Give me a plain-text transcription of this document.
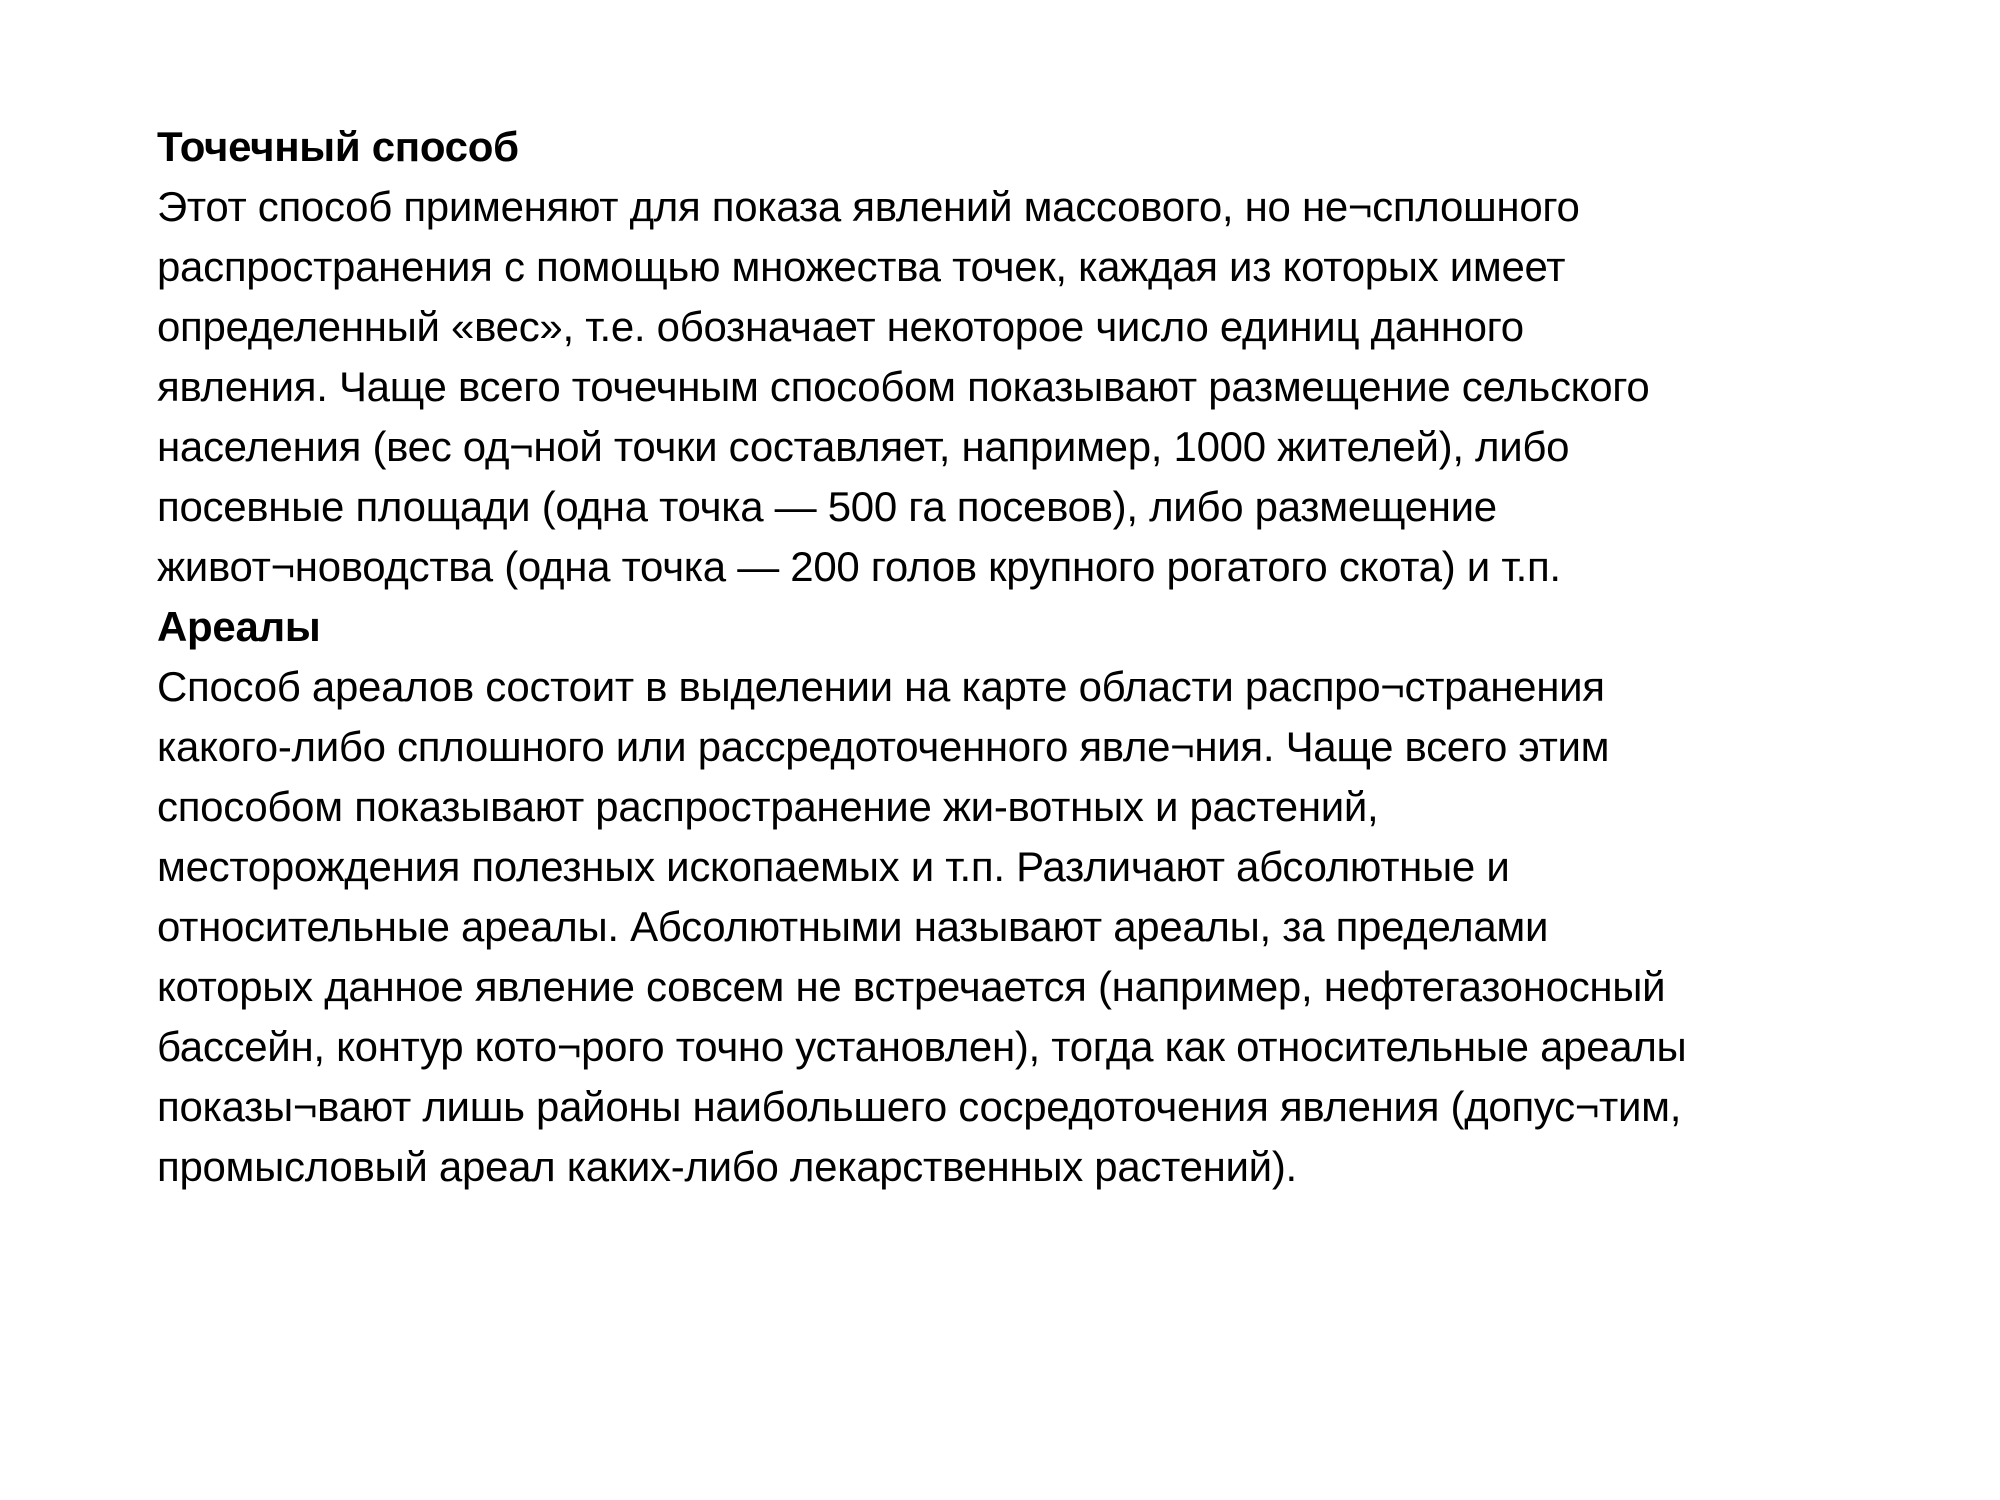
Точечный способ
Этот способ применяют для показа явлений массового, но не¬сплошного
распространения с помощью множества точек, каждая из которых имеет
определенный «вес», т.е. обозначает некоторое число единиц данного
явления. Чаще всего точечным способом показывают размещение сельского
населения (вес од¬ной точки составляет, например, 1000 жителей), либо
посевные площади (одна точка — 500 га посевов), либо размещение
живот¬новодства (одна точка — 200 голов крупного рогатого скота) и т.п.
Ареалы
Способ ареалов состоит в выделении на карте области распро¬странения
какого-либо сплошного или рассредоточенного явле¬ния. Чаще всего этим
способом показывают распространение жи-вотных и растений,
месторождения полезных ископаемых и т.п. Различают абсолютные и
относительные ареалы. Абсолютными называют ареалы, за пределами
которых данное явление совсем не встречается (например, нефтегазоносный
бассейн, контур кото¬рого точно установлен), тогда как относительные ареалы
показы¬вают лишь районы наибольшего сосредоточения явления (допус¬тим,
промысловый ареал каких-либо лекарственных растений).
